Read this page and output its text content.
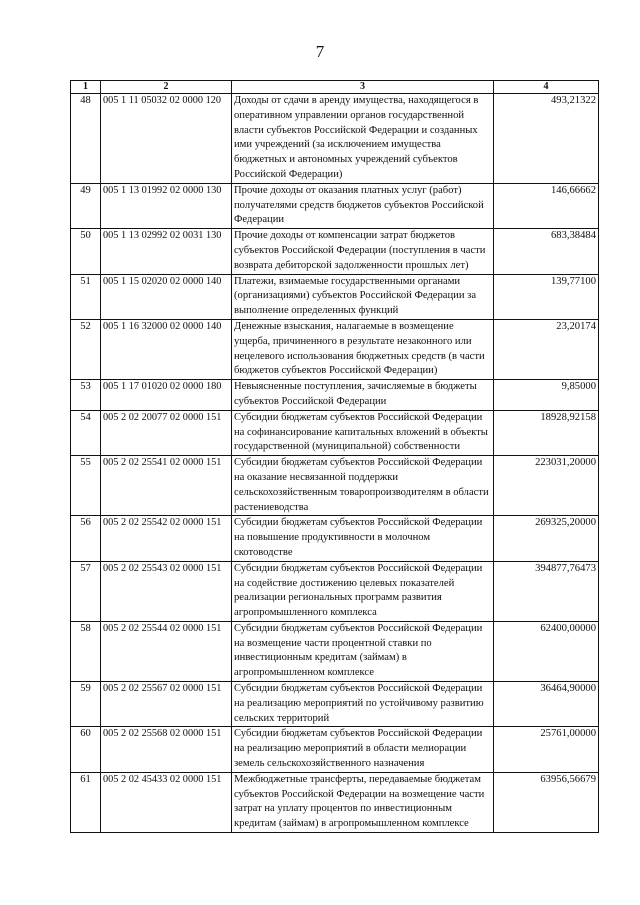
7
1	2	3	4
48	005 1 11 05032 02 0000 120	Доходы от сдачи в аренду имущества, находящегося в оперативном управлении органов государственной власти субъектов Российской Федерации и созданных ими учреждений (за исключением имущества бюджетных и автономных учреждений субъектов Российской Федерации)	493,21322
49	005 1 13 01992 02 0000 130	Прочие доходы от оказания платных услуг (работ) получателями средств бюджетов субъектов Российской Федерации	146,66662
50	005 1 13 02992 02 0031 130	Прочие доходы от компенсации затрат бюджетов субъектов Российской Федерации (поступления в части возврата дебиторской задолженности прошлых лет)	683,38484
51	005 1 15 02020 02 0000 140	Платежи, взимаемые государственными органами (организациями) субъектов Российской Федерации за выполнение определенных функций	139,77100
52	005 1 16 32000 02 0000 140	Денежные взыскания, налагаемые в возмещение ущерба, причиненного в результате незаконного или нецелевого использования бюджетных средств (в части бюджетов субъектов Российской Федерации)	23,20174
53	005 1 17 01020 02 0000 180	Невыясненные поступления, зачисляемые в бюджеты субъектов Российской Федерации	9,85000
54	005 2 02 20077 02 0000 151	Субсидии бюджетам субъектов Российской Федерации на софинансирование капитальных вложений в объекты государственной (муниципальной) собственности	18928,92158
55	005 2 02 25541 02 0000 151	Субсидии бюджетам субъектов Российской Федерации на оказание несвязанной поддержки сельскохозяйственным товаропроизводителям в области растениеводства	223031,20000
56	005 2 02 25542 02 0000 151	Субсидии бюджетам субъектов Российской Федерации на повышение продуктивности в молочном скотоводстве	269325,20000
57	005 2 02 25543 02 0000 151	Субсидии бюджетам субъектов Российской Федерации на содействие достижению целевых показателей реализации региональных программ развития агропромышленного комплекса	394877,76473
58	005 2 02 25544 02 0000 151	Субсидии бюджетам субъектов Российской Федерации на возмещение части процентной ставки по инвестиционным кредитам (займам) в агропромышленном комплексе	62400,00000
59	005 2 02 25567 02 0000 151	Субсидии бюджетам субъектов Российской Федерации на реализацию мероприятий по устойчивому развитию сельских территорий	36464,90000
60	005 2 02 25568 02 0000 151	Субсидии бюджетам субъектов Российской Федерации на реализацию мероприятий в области мелиорации земель сельскохозяйственного назначения	25761,00000
61	005 2 02 45433 02 0000 151	Межбюджетные трансферты, передаваемые бюджетам субъектов Российской Федерации на возмещение части затрат на уплату процентов по инвестиционным кредитам (займам) в агропромышленном комплексе	63956,56679
